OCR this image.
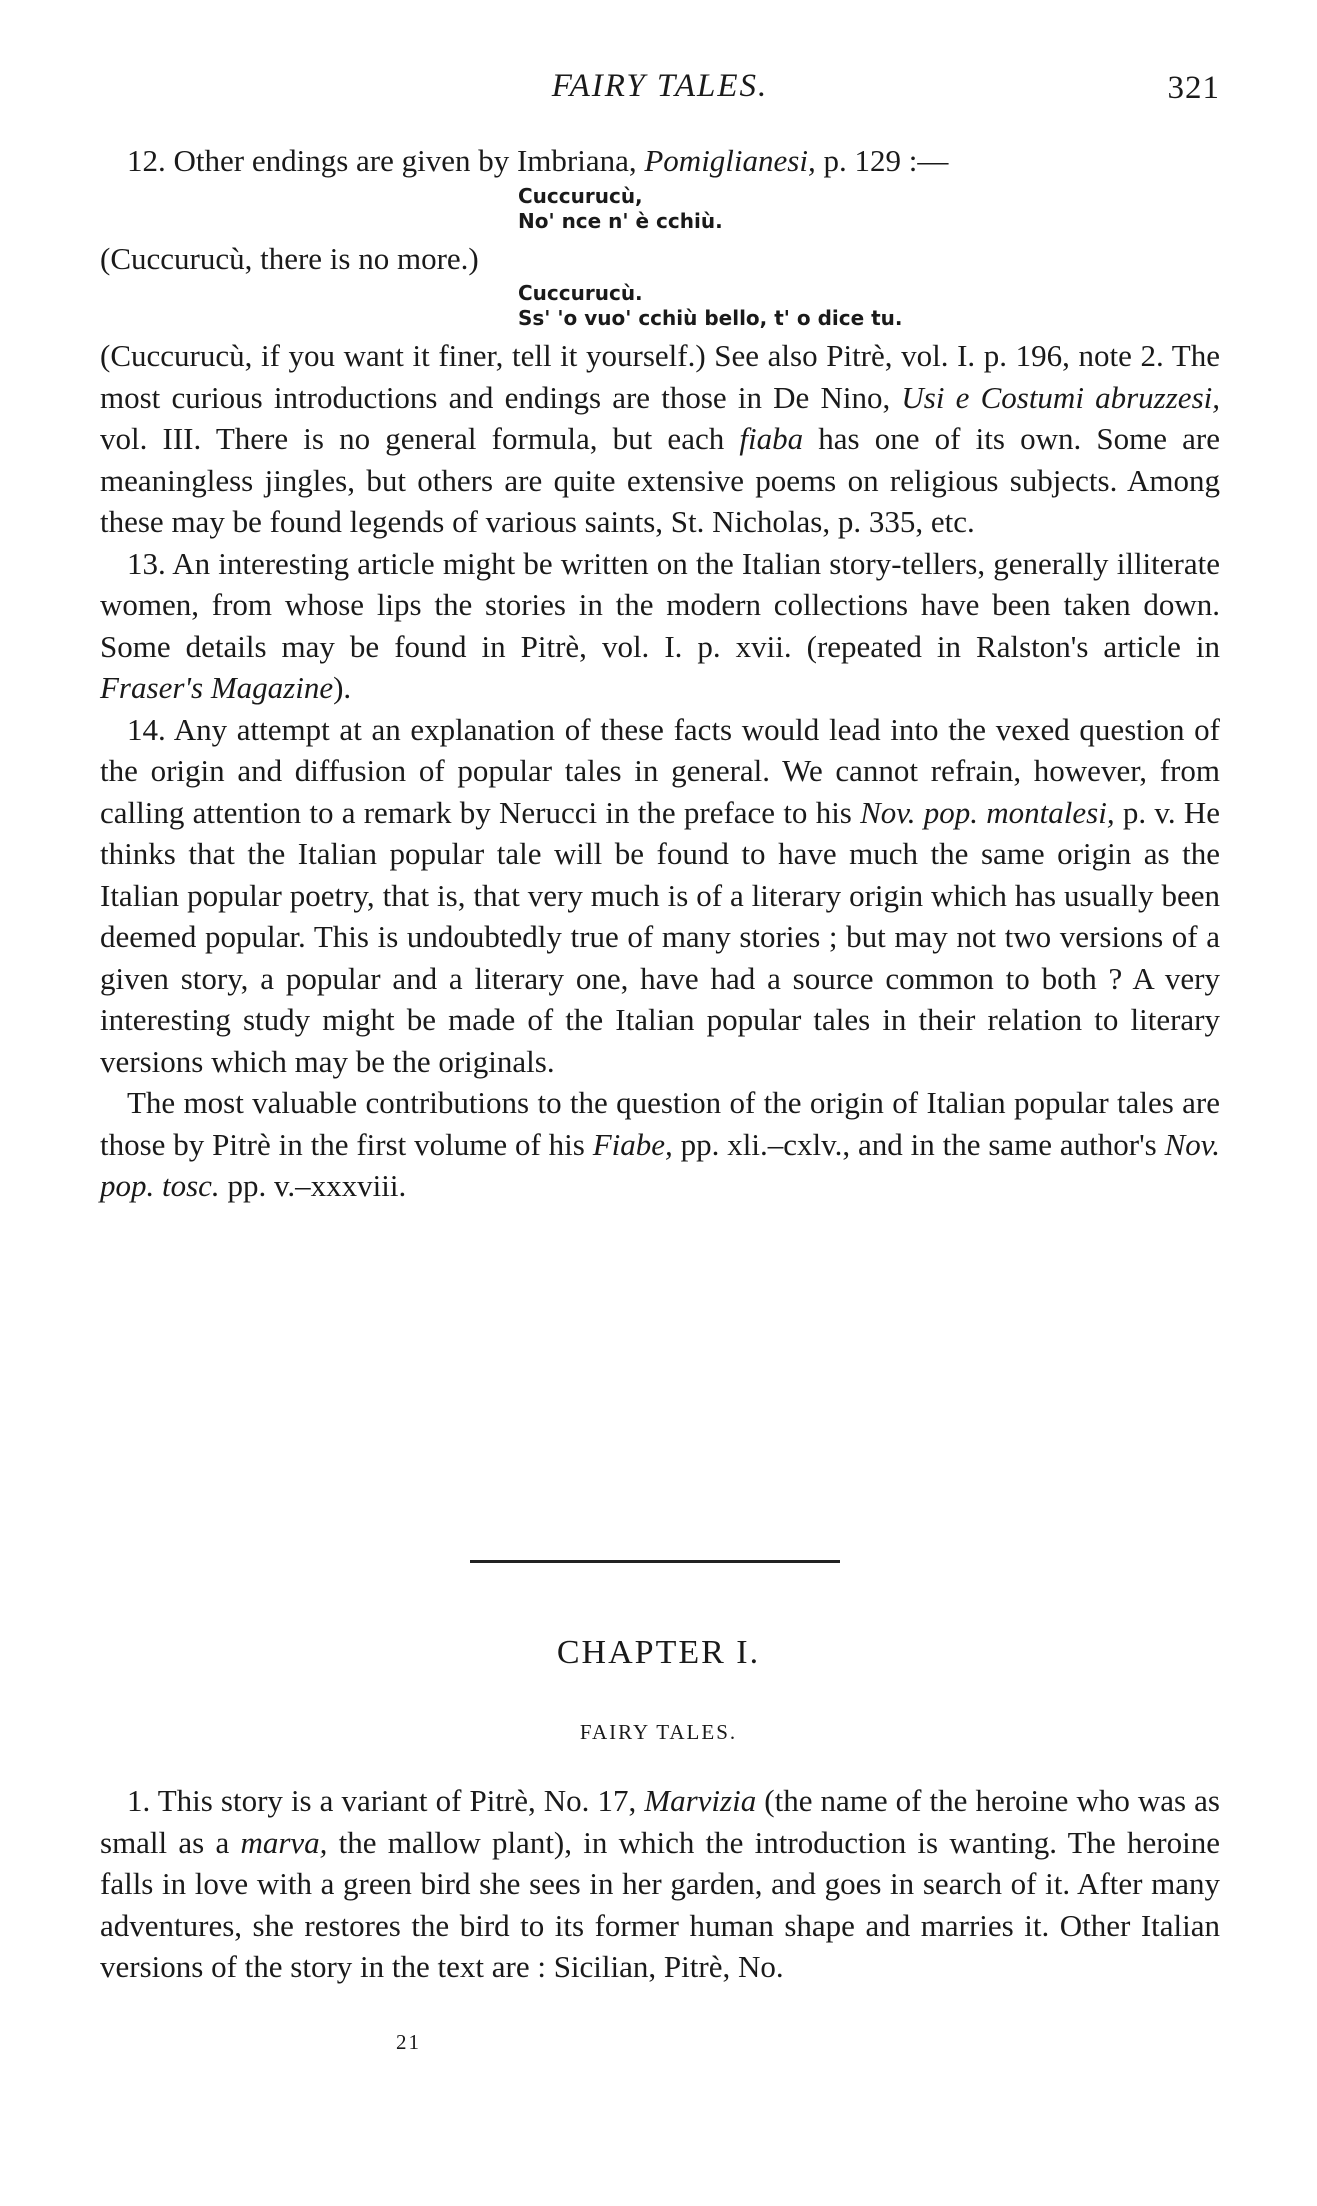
FAIRY TALES.	321

12. Other endings are given by Imbriana, Pomiglianesi, p. 129 :—

Cuccurucù,
No' nce n' è cchiù.

(Cuccurucù, there is no more.)

Cuccurucù.
Ss' 'o vuo' cchiù bello, t' o dice tu.

(Cuccurucù, if you want it finer, tell it yourself.) See also Pitrè, vol. I. p. 196, note 2. The most curious introductions and endings are those in De Nino, Usi e Costumi abruzzesi, vol. III. There is no general formula, but each fiaba has one of its own. Some are meaningless jingles, but others are quite extensive poems on religious subjects. Among these may be found legends of various saints, St. Nicholas, p. 335, etc.

13. An interesting article might be written on the Italian story-tellers, generally illiterate women, from whose lips the stories in the modern collections have been taken down. Some details may be found in Pitrè, vol. I. p. xvii. (repeated in Ralston's article in Fraser's Magazine).

14. Any attempt at an explanation of these facts would lead into the vexed question of the origin and diffusion of popular tales in general. We cannot refrain, however, from calling attention to a remark by Nerucci in the preface to his Nov. pop. montalesi, p. v. He thinks that the Italian popular tale will be found to have much the same origin as the Italian popular poetry, that is, that very much is of a literary origin which has usually been deemed popular. This is undoubtedly true of many stories ; but may not two versions of a given story, a popular and a literary one, have had a source common to both ? A very interesting study might be made of the Italian popular tales in their relation to literary versions which may be the originals.

The most valuable contributions to the question of the origin of Italian popular tales are those by Pitrè in the first volume of his Fiabe, pp. xli.–cxlv., and in the same author's Nov. pop. tosc. pp. v.–xxxviii.

CHAPTER I.
FAIRY TALES.

1. This story is a variant of Pitrè, No. 17, Marvizia (the name of the heroine who was as small as a marva, the mallow plant), in which the introduction is wanting. The heroine falls in love with a green bird she sees in her garden, and goes in search of it. After many adventures, she restores the bird to its former human shape and marries it. Other Italian versions of the story in the text are : Sicilian, Pitrè, No.

21
